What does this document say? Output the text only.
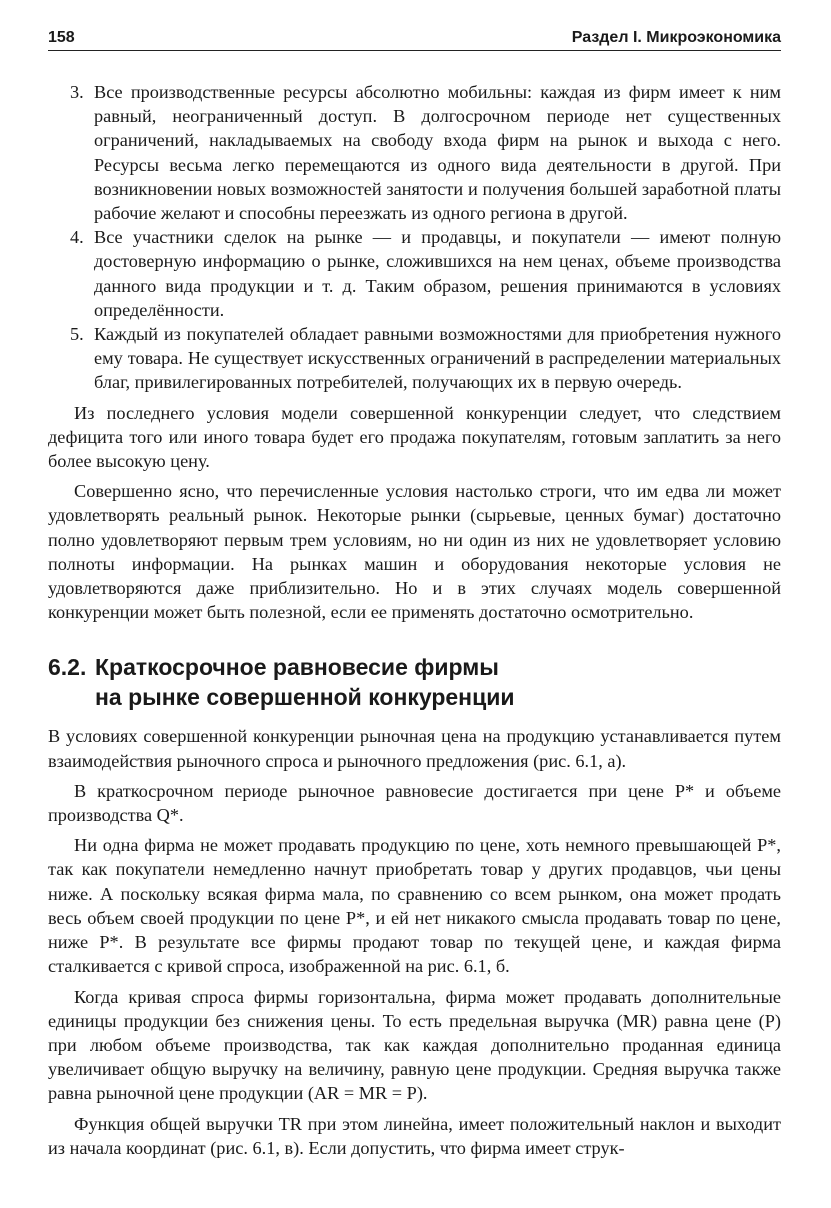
158	Раздел I. Микроэкономика
3. Все производственные ресурсы абсолютно мобильны: каждая из фирм имеет к ним равный, неограниченный доступ. В долгосрочном периоде нет существенных ограничений, накладываемых на свободу входа фирм на рынок и выхода с него. Ресурсы весьма легко перемещаются из одного вида деятельности в другой. При возникновении новых возможностей занятости и получения большей заработной платы рабочие желают и способны переезжать из одного региона в другой.
4. Все участники сделок на рынке — и продавцы, и покупатели — имеют полную достоверную информацию о рынке, сложившихся на нем ценах, объеме производства данного вида продукции и т. д. Таким образом, решения принимаются в условиях определённости.
5. Каждый из покупателей обладает равными возможностями для приобретения нужного ему товара. Не существует искусственных ограничений в распределении материальных благ, привилегированных потребителей, получающих их в первую очередь.

Из последнего условия модели совершенной конкуренции следует, что следствием дефицита того или иного товара будет его продажа покупателям, готовым заплатить за него более высокую цену.

Совершенно ясно, что перечисленные условия настолько строги, что им едва ли может удовлетворять реальный рынок. Некоторые рынки (сырьевые, ценных бумаг) достаточно полно удовлетворяют первым трем условиям, но ни один из них не удовлетворяет условию полноты информации. На рынках машин и оборудования некоторые условия не удовлетворяются даже приблизительно. Но и в этих случаях модель совершенной конкуренции может быть полезной, если ее применять достаточно осмотрительно.

6.2. Краткосрочное равновесие фирмы
на рынке совершенной конкуренции

В условиях совершенной конкуренции рыночная цена на продукцию устанавливается путем взаимодействия рыночного спроса и рыночного предложения (рис. 6.1, а).

В краткосрочном периоде рыночное равновесие достигается при цене P* и объеме производства Q*.

Ни одна фирма не может продавать продукцию по цене, хоть немного превышающей P*, так как покупатели немедленно начнут приобретать товар у других продавцов, чьи цены ниже. А поскольку всякая фирма мала, по сравнению со всем рынком, она может продать весь объем своей продукции по цене P*, и ей нет никакого смысла продавать товар по цене, ниже P*. В результате все фирмы продают товар по текущей цене, и каждая фирма сталкивается с кривой спроса, изображенной на рис. 6.1, б.

Когда кривая спроса фирмы горизонтальна, фирма может продавать дополнительные единицы продукции без снижения цены. То есть предельная выручка (MR) равна цене (P) при любом объеме производства, так как каждая дополнительно проданная единица увеличивает общую выручку на величину, равную цене продукции. Средняя выручка также равна рыночной цене продукции (AR = MR = P).

Функция общей выручки TR при этом линейна, имеет положительный наклон и выходит из начала координат (рис. 6.1, в). Если допустить, что фирма имеет струк-
